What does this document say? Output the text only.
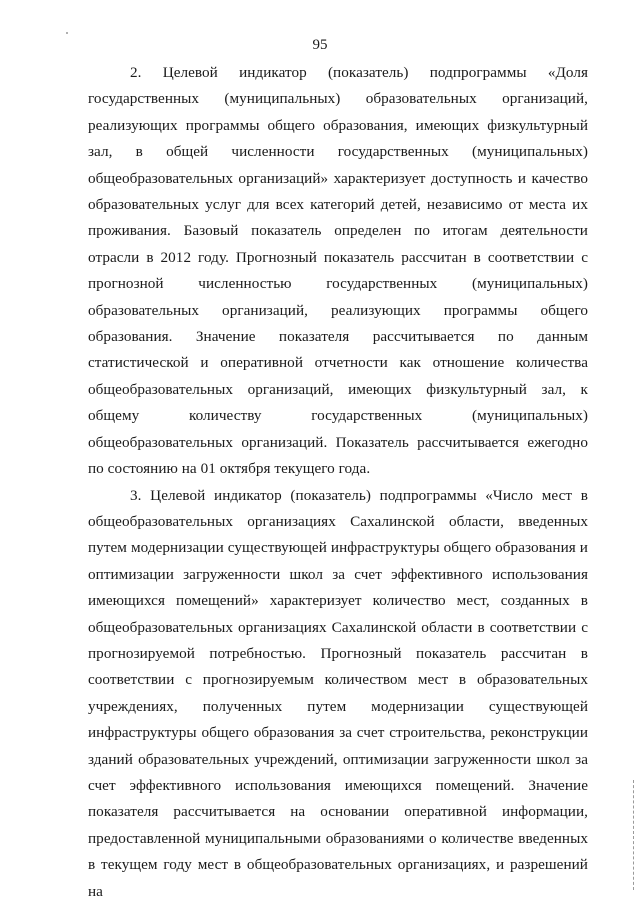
95

2. Целевой индикатор (показатель) подпрограммы «Доля государственных (муниципальных) образовательных организаций, реализующих программы общего образования, имеющих физкультурный зал, в общей численности государственных (муниципальных) общеобразовательных организаций» характеризует доступность и качество образовательных услуг для всех категорий детей, независимо от места их проживания. Базовый показатель определен по итогам деятельности отрасли в 2012 году. Прогнозный показатель рассчитан в соответствии с прогнозной численностью государственных (муниципальных) образовательных организаций, реализующих программы общего образования. Значение показателя рассчитывается по данным статистической и оперативной отчетности как отношение количества общеобразовательных организаций, имеющих физкультурный зал, к общему количеству государственных (муниципальных) общеобразовательных организаций. Показатель рассчитывается ежегодно по состоянию на 01 октября текущего года.

3. Целевой индикатор (показатель) подпрограммы «Число мест в общеобразовательных организациях Сахалинской области, введенных путем модернизации существующей инфраструктуры общего образования и оптимизации загруженности школ за счет эффективного использования имеющихся помещений» характеризует количество мест, созданных в общеобразовательных организациях Сахалинской области в соответствии с прогнозируемой потребностью. Прогнозный показатель рассчитан в соответствии с прогнозируемым количеством мест в образовательных учреждениях, полученных путем модернизации существующей инфраструктуры общего образования за счет строительства, реконструкции зданий образовательных учреждений, оптимизации загруженности школ за счет эффективного использования имеющихся помещений. Значение показателя рассчитывается на основании оперативной информации, предоставленной муниципальными образованиями о количестве введенных в текущем году мест в общеобразовательных организациях, и разрешений на
